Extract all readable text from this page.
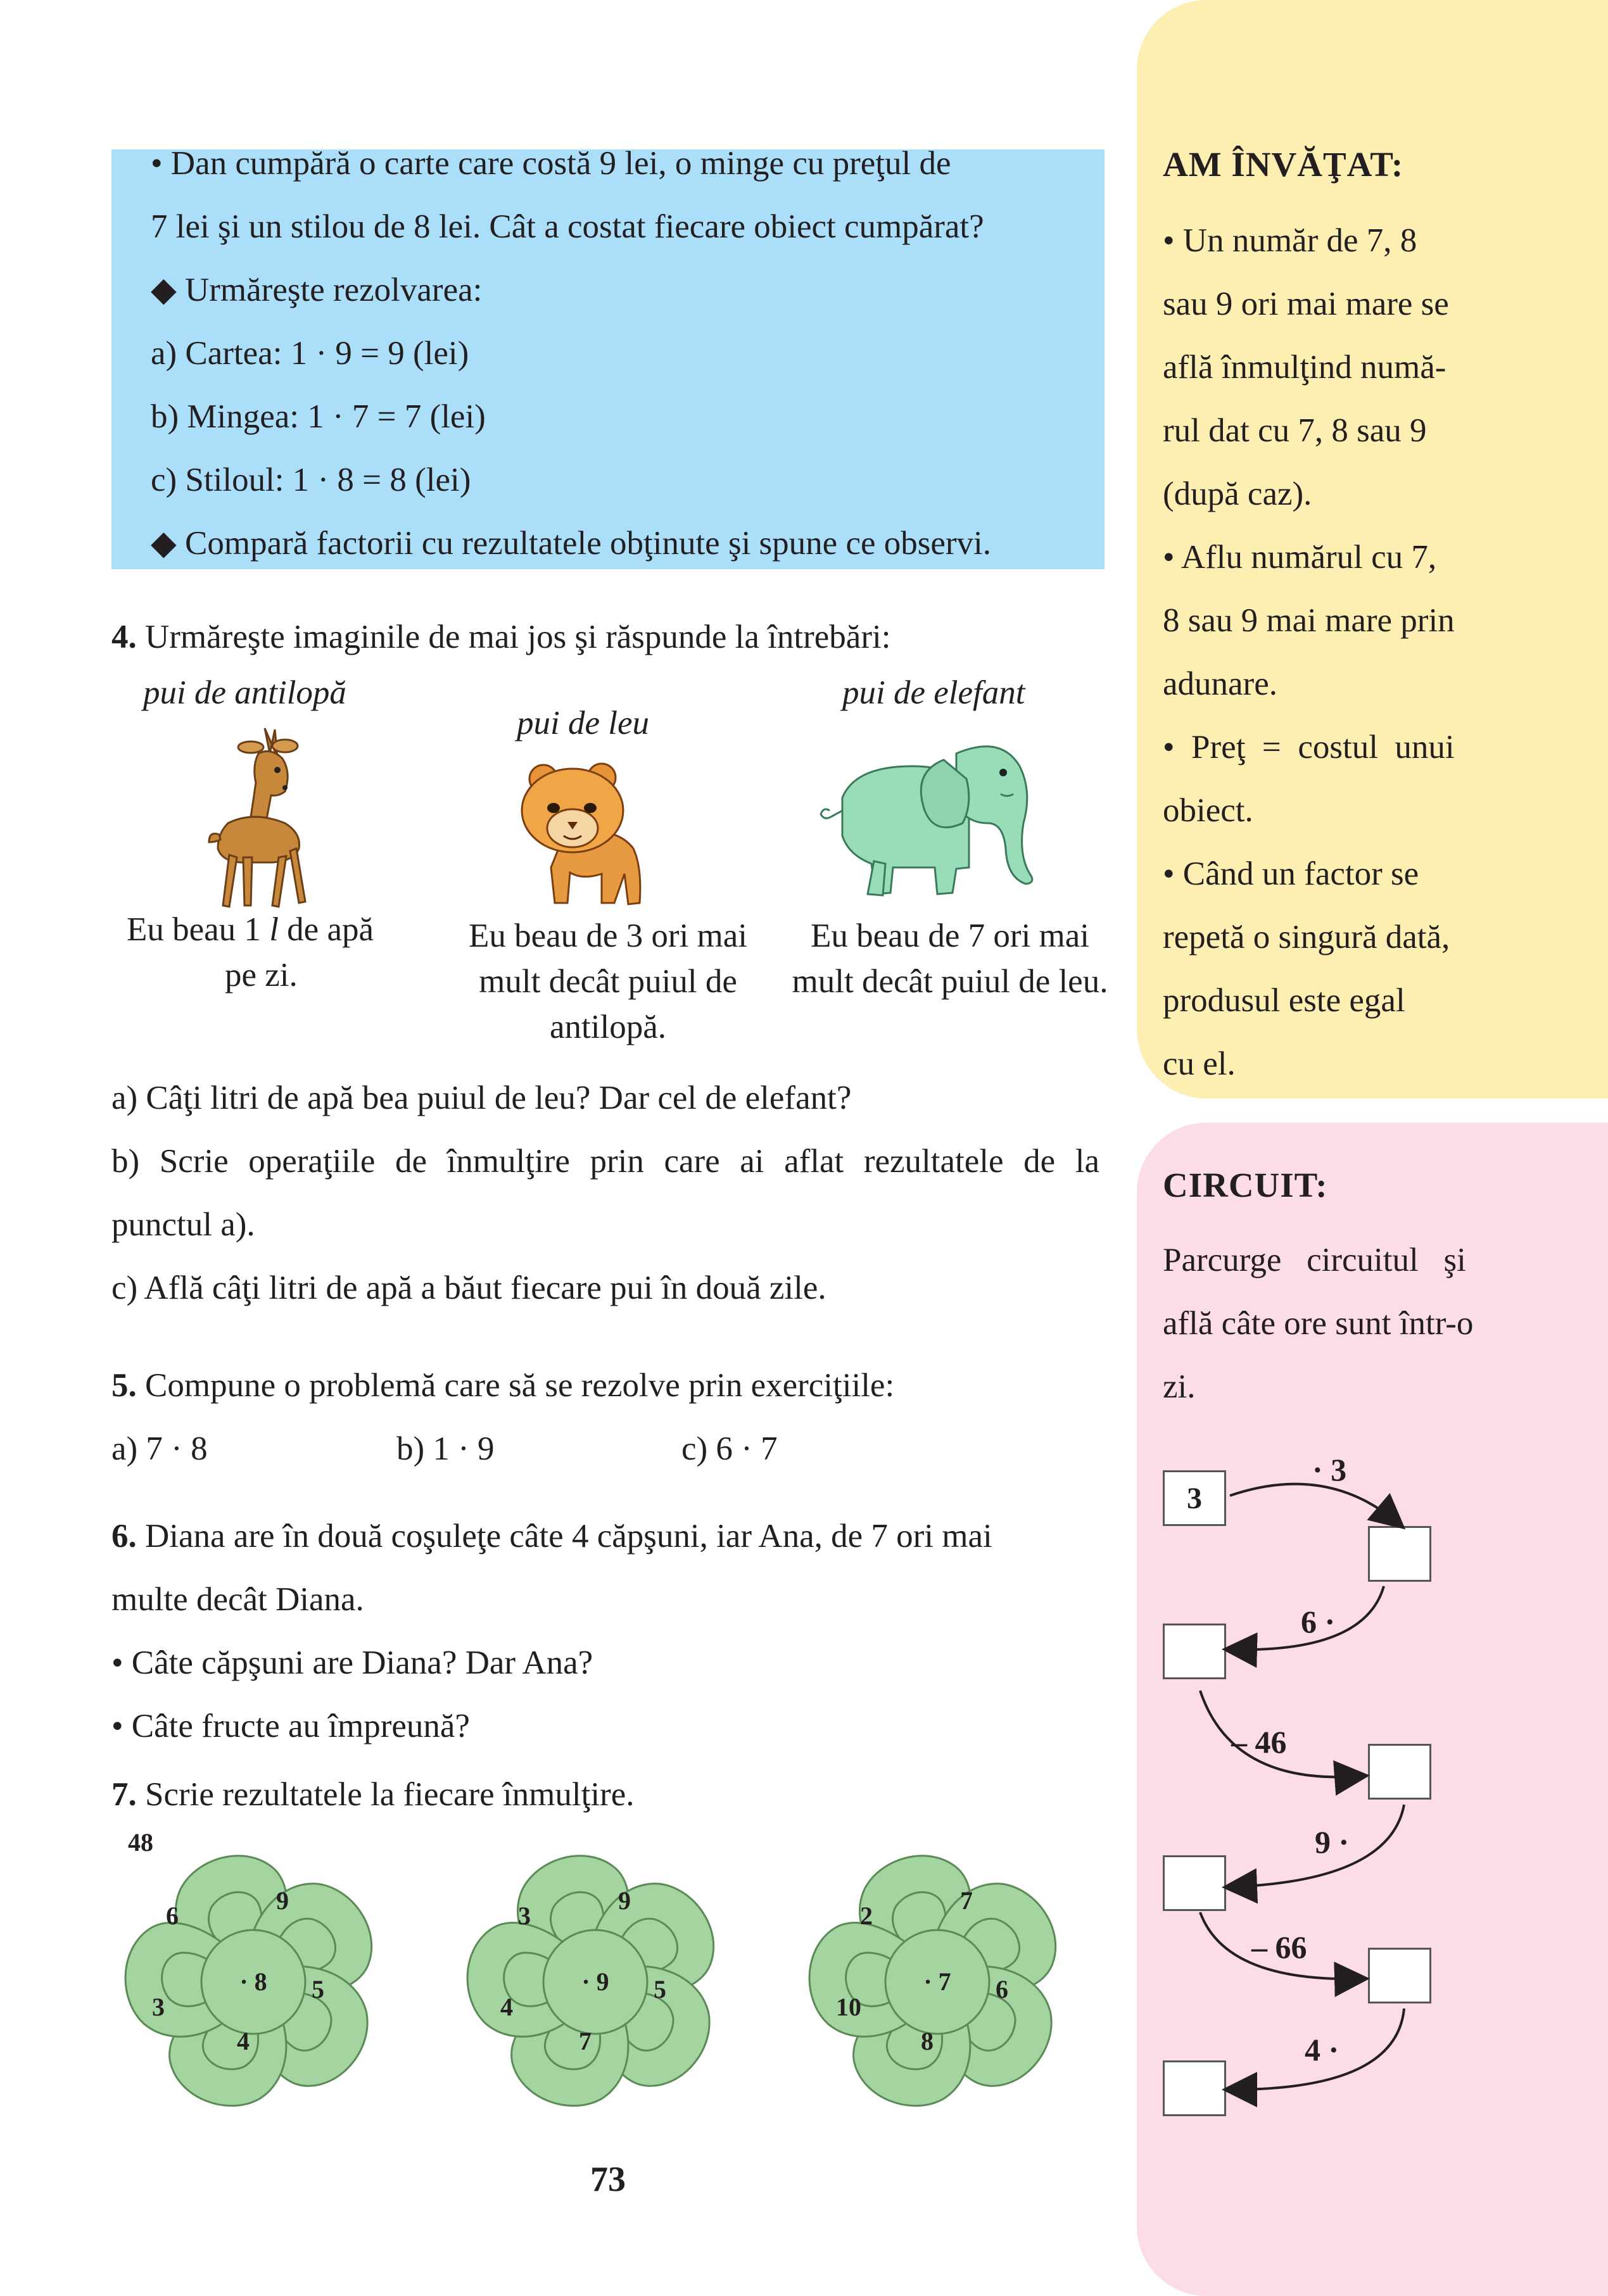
• Dan cumpără o carte care costă 9 lei, o minge cu preţul de
7 lei şi un stilou de 8 lei. Cât a costat fiecare obiect cumpărat?
◆ Urmăreşte rezolvarea:
a) Cartea: 1 · 9 = 9 (lei)
b) Mingea: 1 · 7 = 7 (lei)
c) Stiloul: 1 · 8 = 8 (lei)
◆ Compară factorii cu rezultatele obţinute şi spune ce observi.
4. Urmăreşte imaginile de mai jos şi răspunde la întrebări:
pui de antilopă
pui de leu
pui de elefant
Eu beau 1 l de apă
pe zi.
Eu beau de 3 ori mai mult decât puiul de antilopă.
Eu beau de 7 ori mai mult decât puiul de leu.
a) Câţi litri de apă bea puiul de leu? Dar cel de elefant?
b) Scrie operaţiile de înmulţire prin care ai aflat rezultatele de la
punctul a).
c) Află câţi litri de apă a băut fiecare pui în două zile.
5. Compune o problemă care să se rezolve prin exerciţiile:
a) 7 · 8	b) 1 · 9	c) 6 · 7
6. Diana are în două coşuleţe câte 4 căpşuni, iar Ana, de 7 ori mai
multe decât Diana.
• Câte căpşuni are Diana? Dar Ana?
• Câte fructe au împreună?
7. Scrie rezultatele la fiecare înmulţire.
· 8
6
9
5
4
3
48
· 9
3
9
5
7
4
· 7
2
7
6
8
10
73
AM ÎNVĂŢAT:
• Un număr de 7, 8
sau 9 ori mai mare se
află înmulţind numă-
rul dat cu 7, 8 sau 9
(după caz).
• Aflu numărul cu 7,
8 sau 9 mai mare prin
adunare.
•  Preţ  =  costul  unui
obiect.
• Când un factor se
repetă o singură dată,
produsul este egal
cu el.
CIRCUIT:
Parcurge   circuitul   şi
află câte ore sunt într-o
zi.
3
· 3
6 ·
– 46
9 ·
– 66
4 ·
